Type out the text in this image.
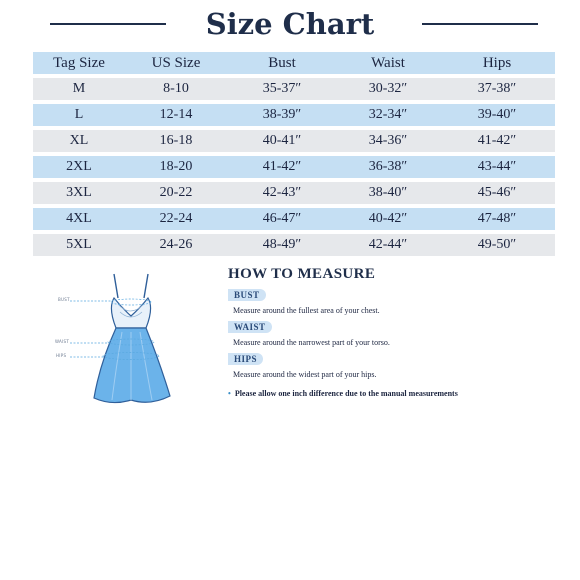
Size Chart
Tag Size	US Size	Bust	Waist	Hips
M	8-10	35-37″	30-32″	37-38″
L	12-14	38-39″	32-34″	39-40″
XL	16-18	40-41″	34-36″	41-42″
2XL	18-20	41-42″	36-38″	43-44″
3XL	20-22	42-43″	38-40″	45-46″
4XL	22-24	46-47″	40-42″	47-48″
5XL	24-26	48-49″	42-44″	49-50″
BUST
WAIST
HIPS
HOW TO MEASURE
BUST
Measure around the fullest area of your chest.
WAIST
Measure around the narrowest part of your torso.
HIPS
Measure around the widest part of your hips.
• Please allow one inch difference due to the manual measurements
